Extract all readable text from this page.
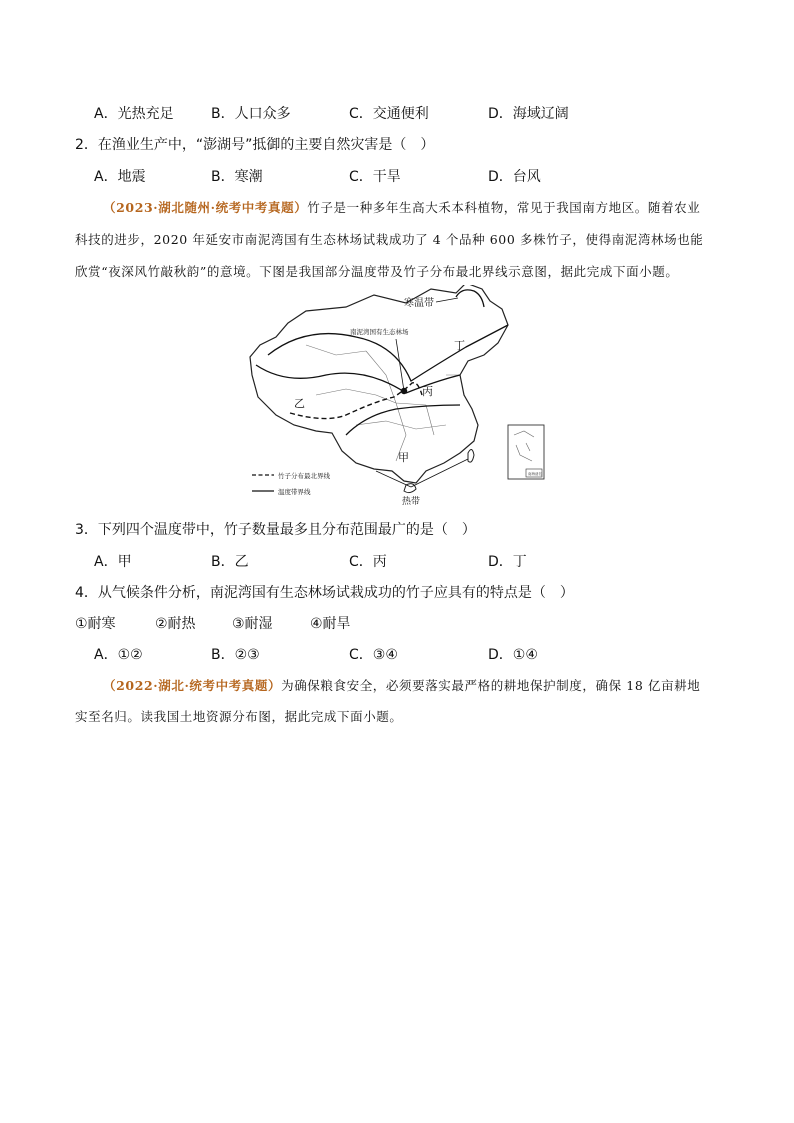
A．光热充足	B．人口众多	C．交通便利	D．海域辽阔
2．在渔业生产中，“澎湖号”抵御的主要自然灾害是（　）
A．地震	B．寒潮	C．干旱	D．台风
（2023·湖北随州·统考中考真题）竹子是一种多年生高大禾本科植物，常见于我国南方地区。随着农业
科技的进步，2020 年延安市南泥湾国有生态林场试栽成功了 4 个品种 600 多株竹子，使得南泥湾林场也能
欣赏“夜深风竹敲秋韵”的意境。下图是我国部分温度带及竹子分布最北界线示意图，据此完成下面小题。
南海诸岛
寒温带
南泥湾国有生态林场
丁
丙
乙
甲
热带
竹子分布最北界线
温度带界线
3．下列四个温度带中，竹子数量最多且分布范围最广的是（　）
A．甲	B．乙	C．丙	D．丁
4．从气候条件分析，南泥湾国有生态林场试栽成功的竹子应具有的特点是（　）
①耐寒	②耐热	③耐湿	④耐旱
A．①②	B．②③	C．③④	D．①④
（2022·湖北·统考中考真题）为确保粮食安全，必须要落实最严格的耕地保护制度，确保 18 亿亩耕地
实至名归。读我国土地资源分布图，据此完成下面小题。
